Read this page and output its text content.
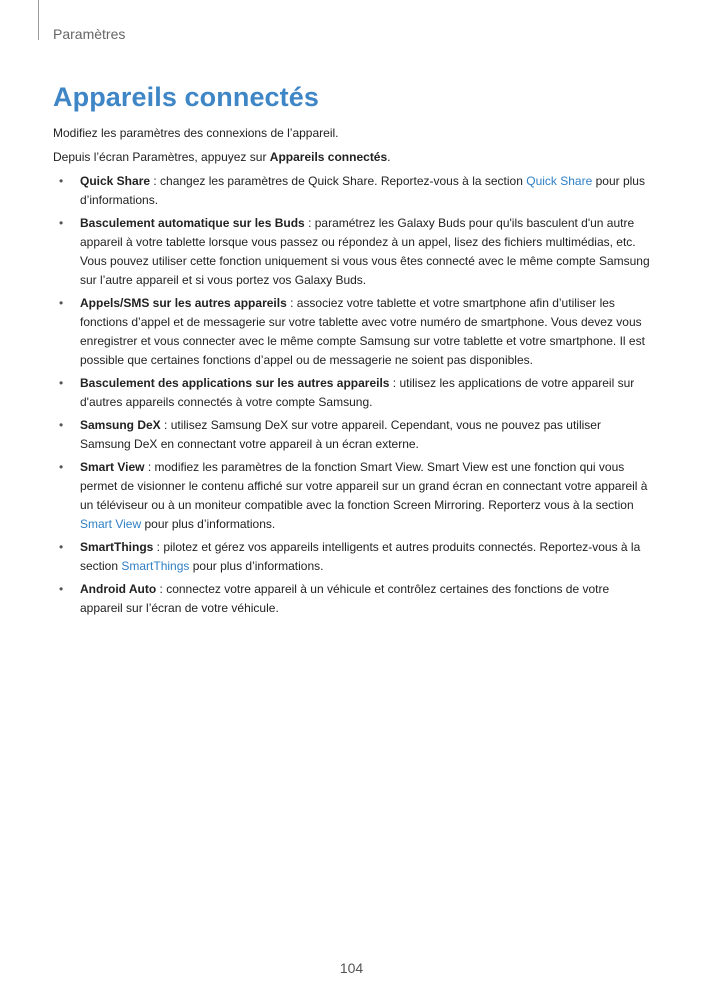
Paramètres
Appareils connectés

Modifiez les paramètres des connexions de l’appareil.

Depuis l’écran Paramètres, appuyez sur Appareils connectés.

• Quick Share : changez les paramètres de Quick Share. Reportez-vous à la section Quick Share pour plus d’informations.
• Basculement automatique sur les Buds : paramétrez les Galaxy Buds pour qu'ils basculent d'un autre appareil à votre tablette lorsque vous passez ou répondez à un appel, lisez des fichiers multimédias, etc. Vous pouvez utiliser cette fonction uniquement si vous vous êtes connecté avec le même compte Samsung sur l’autre appareil et si vous portez vos Galaxy Buds.
• Appels/SMS sur les autres appareils : associez votre tablette et votre smartphone afin d’utiliser les fonctions d’appel et de messagerie sur votre tablette avec votre numéro de smartphone. Vous devez vous enregistrer et vous connecter avec le même compte Samsung sur votre tablette et votre smartphone. Il est possible que certaines fonctions d’appel ou de messagerie ne soient pas disponibles.
• Basculement des applications sur les autres appareils : utilisez les applications de votre appareil sur d'autres appareils connectés à votre compte Samsung.
• Samsung DeX : utilisez Samsung DeX sur votre appareil. Cependant, vous ne pouvez pas utiliser Samsung DeX en connectant votre appareil à un écran externe.
• Smart View : modifiez les paramètres de la fonction Smart View. Smart View est une fonction qui vous permet de visionner le contenu affiché sur votre appareil sur un grand écran en connectant votre appareil à un téléviseur ou à un moniteur compatible avec la fonction Screen Mirroring. Reporterz vous à la section Smart View pour plus d’informations.
• SmartThings : pilotez et gérez vos appareils intelligents et autres produits connectés. Reportez-vous à la section SmartThings pour plus d’informations.
• Android Auto : connectez votre appareil à un véhicule et contrôlez certaines des fonctions de votre appareil sur l’écran de votre véhicule.
104
